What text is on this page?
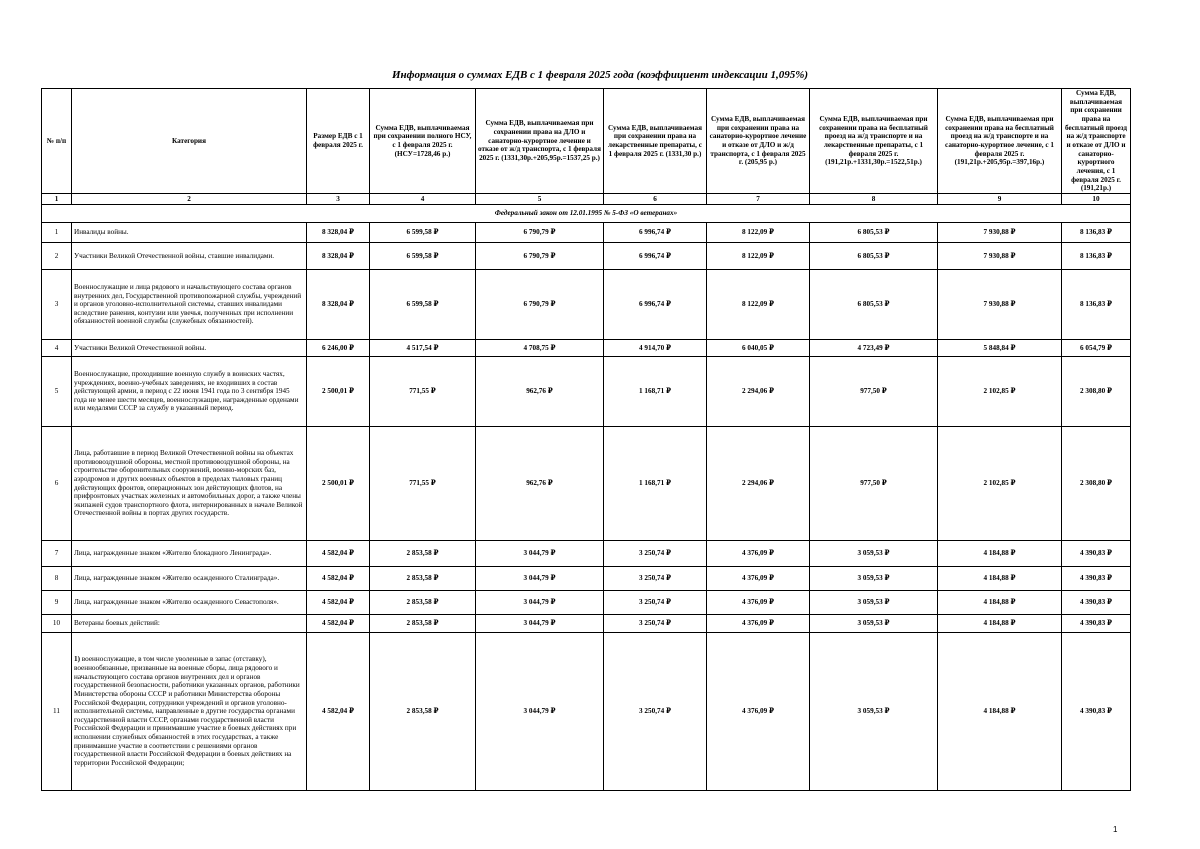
Информация о суммах ЕДВ с 1 февраля 2025 года (коэффициент индексации 1,095%)
№ п/п	Категория	Размер ЕДВ с 1 февраля 2025 г.	Сумма ЕДВ, выплачиваемая при сохранении полного НСУ, с 1 февраля 2025 г. (НСУ=1728,46 р.)	Сумма ЕДВ, выплачиваемая при сохранении права на ДЛО и санаторно-курортное лечение и отказе от ж/д транспорта, с 1 февраля 2025 г. (1331,30р.+205,95р.=1537,25 р.)	Сумма ЕДВ, выплачиваемая при сохранении права на лекарственные препараты, с 1 февраля 2025 г. (1331,30 р.)	Сумма ЕДВ, выплачиваемая при сохранении права на санаторно-курортное лечение и отказе от ДЛО и ж/д транспорта, с 1 февраля 2025 г. (205,95 р.)	Сумма ЕДВ, выплачиваемая при сохранении права на бесплатный проезд на ж/д транспорте и на лекарственные препараты, с 1 февраля 2025 г. (191,21р.+1331,30р.=1522,51р.)	Сумма ЕДВ, выплачиваемая при сохранении права на бесплатный проезд на ж/д транспорте и на санаторно-курортное лечение, с 1 февраля 2025 г. (191,21р.+205,95р.=397,16р.)	Сумма ЕДВ, выплачиваемая при сохранении права на бесплатный проезд на ж/д транспорте и отказе от ДЛО и санаторно-курортного лечения, с 1 февраля 2025 г. (191,21р.)
1	2	3	4	5	6	7	8	9	10
Федеральный закон от 12.01.1995 № 5-ФЗ «О ветеранах»									
1	Инвалиды войны.	8 328,04 ₽	6 599,58 ₽	6 790,79 ₽	6 996,74 ₽	8 122,09 ₽	6 805,53 ₽	7 930,88 ₽	8 136,83 ₽
2	Участники Великой Отечественной войны, ставшие инвалидами.	8 328,04 ₽	6 599,58 ₽	6 790,79 ₽	6 996,74 ₽	8 122,09 ₽	6 805,53 ₽	7 930,88 ₽	8 136,83 ₽
3	Военнослужащие и лица рядового и начальствующего состава органов внутренних дел, Государственной противопожарной службы, учреждений и органов уголовно-исполнительной системы, ставших инвалидами вследствие ранения, контузии или увечья, полученных при исполнении обязанностей военной службы (служебных обязанностей).	8 328,04 ₽	6 599,58 ₽	6 790,79 ₽	6 996,74 ₽	8 122,09 ₽	6 805,53 ₽	7 930,88 ₽	8 136,83 ₽
4	Участники Великой Отечественной войны.	6 246,00 ₽	4 517,54 ₽	4 708,75 ₽	4 914,70 ₽	6 040,05 ₽	4 723,49 ₽	5 848,84 ₽	6 054,79 ₽
5	Военнослужащие, проходившие военную службу в воинских частях, учреждениях, военно-учебных заведениях, не входивших в состав действующей армии, в период с 22 июня 1941 года по 3 сентября 1945 года не менее шести месяцев, военнослужащие, награжденные орденами или медалями СССР за службу в указанный период.	2 500,01 ₽	771,55 ₽	962,76 ₽	1 168,71 ₽	2 294,06 ₽	977,50 ₽	2 102,85 ₽	2 308,80 ₽
6	Лица, работавшие в период Великой Отечественной войны на объектах противовоздушной обороны, местной противовоздушной обороны, на строительстве оборонительных сооружений, военно-морских баз, аэродромов и других военных объектов в пределах тыловых границ действующих фронтов, операционных зон действующих флотов, на прифронтовых участках железных и автомобильных дорог, а также члены экипажей судов транспортного флота, интернированных в начале Великой Отечественной войны в портах других государств.	2 500,01 ₽	771,55 ₽	962,76 ₽	1 168,71 ₽	2 294,06 ₽	977,50 ₽	2 102,85 ₽	2 308,80 ₽
7	Лица, награжденные знаком «Жителю блокадного Ленинграда».	4 582,04 ₽	2 853,58 ₽	3 044,79 ₽	3 250,74 ₽	4 376,09 ₽	3 059,53 ₽	4 184,88 ₽	4 390,83 ₽
8	Лица, награжденные знаком «Жителю осажденного Сталинграда».	4 582,04 ₽	2 853,58 ₽	3 044,79 ₽	3 250,74 ₽	4 376,09 ₽	3 059,53 ₽	4 184,88 ₽	4 390,83 ₽
9	Лица, награжденные знаком «Жителю осажденного Севастополя».	4 582,04 ₽	2 853,58 ₽	3 044,79 ₽	3 250,74 ₽	4 376,09 ₽	3 059,53 ₽	4 184,88 ₽	4 390,83 ₽
10	Ветераны боевых действий:	4 582,04 ₽	2 853,58 ₽	3 044,79 ₽	3 250,74 ₽	4 376,09 ₽	3 059,53 ₽	4 184,88 ₽	4 390,83 ₽
11	1) военнослужащие, в том числе уволенные в запас (отставку), военнообязанные, призванные на военные сборы, лица рядового и начальствующего состава органов внутренних дел и органов государственной безопасности, работники указанных органов, работники Министерства обороны СССР и работники Министерства обороны Российской Федерации, сотрудники учреждений и органов уголовно-исполнительной системы, направленные в другие государства органами государственной власти СССР, органами государственной власти Российской Федерации и принимавшие участие в боевых действиях при исполнении служебных обязанностей в этих государствах, а также принимавшие участие в соответствии с решениями органов государственной власти Российской Федерации в боевых действиях на территории Российской Федерации;	4 582,04 ₽	2 853,58 ₽	3 044,79 ₽	3 250,74 ₽	4 376,09 ₽	3 059,53 ₽	4 184,88 ₽	4 390,83 ₽
1
